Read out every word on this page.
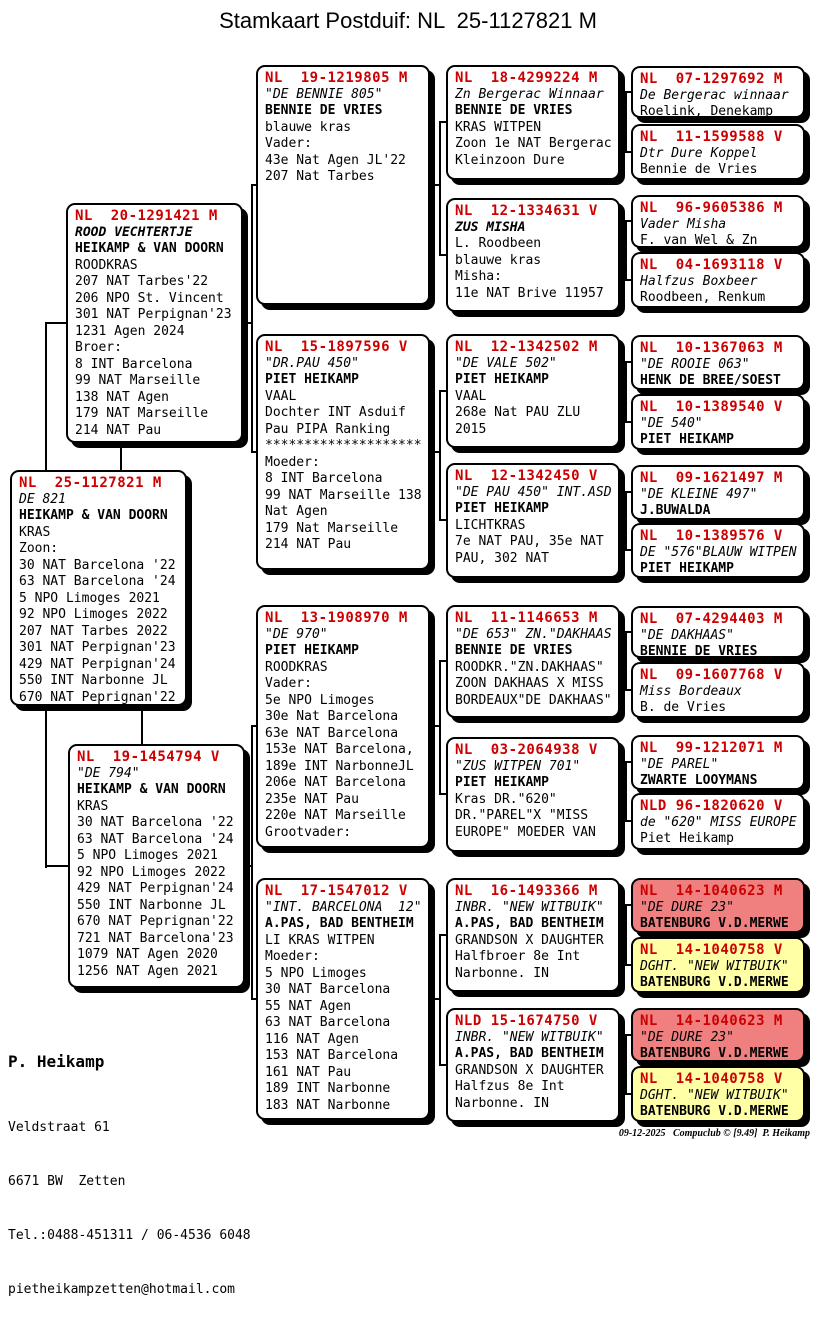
Stamkaart Postduif: NL  25-1127821 M
NL  20-1291421 M
ROOD VECHTERTJE
HEIKAMP & VAN DOORN
ROODKRAS
207 NAT Tarbes'22
206 NPO St. Vincent
301 NAT Perpignan'23
1231 Agen 2024
Broer:
8 INT Barcelona
99 NAT Marseille
138 NAT Agen
179 NAT Marseille
214 NAT Pau
NL  25-1127821 M
DE 821
HEIKAMP & VAN DOORN
KRAS
Zoon:
30 NAT Barcelona '22
63 NAT Barcelona '24
5 NPO Limoges 2021
92 NPO Limoges 2022
207 NAT Tarbes 2022
301 NAT Perpignan'23
429 NAT Perpignan'24
550 INT Narbonne JL
670 NAT Peprignan'22
NL  19-1454794 V
"DE 794"
HEIKAMP & VAN DOORN
KRAS
30 NAT Barcelona '22
63 NAT Barcelona '24
5 NPO Limoges 2021
92 NPO Limoges 2022
429 NAT Perpignan'24
550 INT Narbonne JL
670 NAT Peprignan'22
721 NAT Barcelona'23
1079 NAT Agen 2020
1256 NAT Agen 2021
NL  19-1219805 M
"DE BENNIE 805"
BENNIE DE VRIES
blauwe kras
Vader:
43e Nat Agen JL'22
207 Nat Tarbes
NL  15-1897596 V
"DR.PAU 450"
PIET HEIKAMP
VAAL
Dochter INT Asduif
Pau PIPA Ranking
********************
Moeder:
8 INT Barcelona
99 NAT Marseille 138
Nat Agen
179 Nat Marseille
214 NAT Pau
NL  13-1908970 M
"DE 970"
PIET HEIKAMP
ROODKRAS
Vader:
5e NPO Limoges
30e Nat Barcelona
63e NAT Barcelona
153e NAT Barcelona,
189e INT NarbonneJL
206e NAT Barcelona
235e NAT Pau
220e NAT Marseille
Grootvader:
NL  17-1547012 V
"INT. BARCELONA  12"
A.PAS, BAD BENTHEIM
LI KRAS WITPEN
Moeder:
5 NPO Limoges
30 NAT Barcelona
55 NAT Agen
63 NAT Barcelona
116 NAT Agen
153 NAT Barcelona
161 NAT Pau
189 INT Narbonne
183 NAT Narbonne
NL  18-4299224 M
Zn Bergerac Winnaar
BENNIE DE VRIES
KRAS WITPEN
Zoon 1e NAT Bergerac
Kleinzoon Dure
NL  12-1334631 V
ZUS MISHA
L. Roodbeen
blauwe kras
Misha:
11e NAT Brive 11957
NL  12-1342502 M
"DE VALE 502"
PIET HEIKAMP
VAAL
268e Nat PAU ZLU
2015
NL  12-1342450 V
"DE PAU 450" INT.ASD
PIET HEIKAMP
LICHTKRAS
7e NAT PAU, 35e NAT
PAU, 302 NAT
NL  11-1146653 M
"DE 653" ZN."DAKHAAS
BENNIE DE VRIES
ROODKR."ZN.DAKHAAS"
ZOON DAKHAAS X MISS
BORDEAUX"DE DAKHAAS"
NL  03-2064938 V
"ZUS WITPEN 701"
PIET HEIKAMP
Kras DR."620"
DR."PAREL"X "MISS
EUROPE" MOEDER VAN
NL  16-1493366 M
INBR. "NEW WITBUIK"
A.PAS, BAD BENTHEIM
GRANDSON X DAUGHTER
Halfbroer 8e Int
Narbonne. IN
NLD 15-1674750 V
INBR. "NEW WITBUIK"
A.PAS, BAD BENTHEIM
GRANDSON X DAUGHTER
Halfzus 8e Int
Narbonne. IN
NL  07-1297692 M
De Bergerac winnaar
Roelink, Denekamp
NL  11-1599588 V
Dtr Dure Koppel
Bennie de Vries
NL  96-9605386 M
Vader Misha
F. van Wel & Zn
NL  04-1693118 V
Halfzus Boxbeer
Roodbeen, Renkum
NL  10-1367063 M
"DE ROOIE 063"
HENK DE BREE/SOEST
NL  10-1389540 V
"DE 540"
PIET HEIKAMP
NL  09-1621497 M
"DE KLEINE 497"
J.BUWALDA
NL  10-1389576 V
DE "576"BLAUW WITPEN
PIET HEIKAMP
NL  07-4294403 M
"DE DAKHAAS"
BENNIE DE VRIES
NL  09-1607768 V
Miss Bordeaux
B. de Vries
NL  99-1212071 M
"DE PAREL"
ZWARTE LOOYMANS
NLD 96-1820620 V
de "620" MISS EUROPE
Piet Heikamp
NL  14-1040623 M
"DE DURE 23"
BATENBURG V.D.MERWE
NL  14-1040758 V
DGHT. "NEW WITBUIK"
BATENBURG V.D.MERWE
NL  14-1040623 M
"DE DURE 23"
BATENBURG V.D.MERWE
NL  14-1040758 V
DGHT. "NEW WITBUIK"
BATENBURG V.D.MERWE

P. Heikamp

Veldstraat 61

6671 BW  Zetten

Tel.:0488-451311 / 06-4536 6048

pietheikampzetten@hotmail.com

09-12-2025   Compuclub © [9.49]  P. Heikamp
